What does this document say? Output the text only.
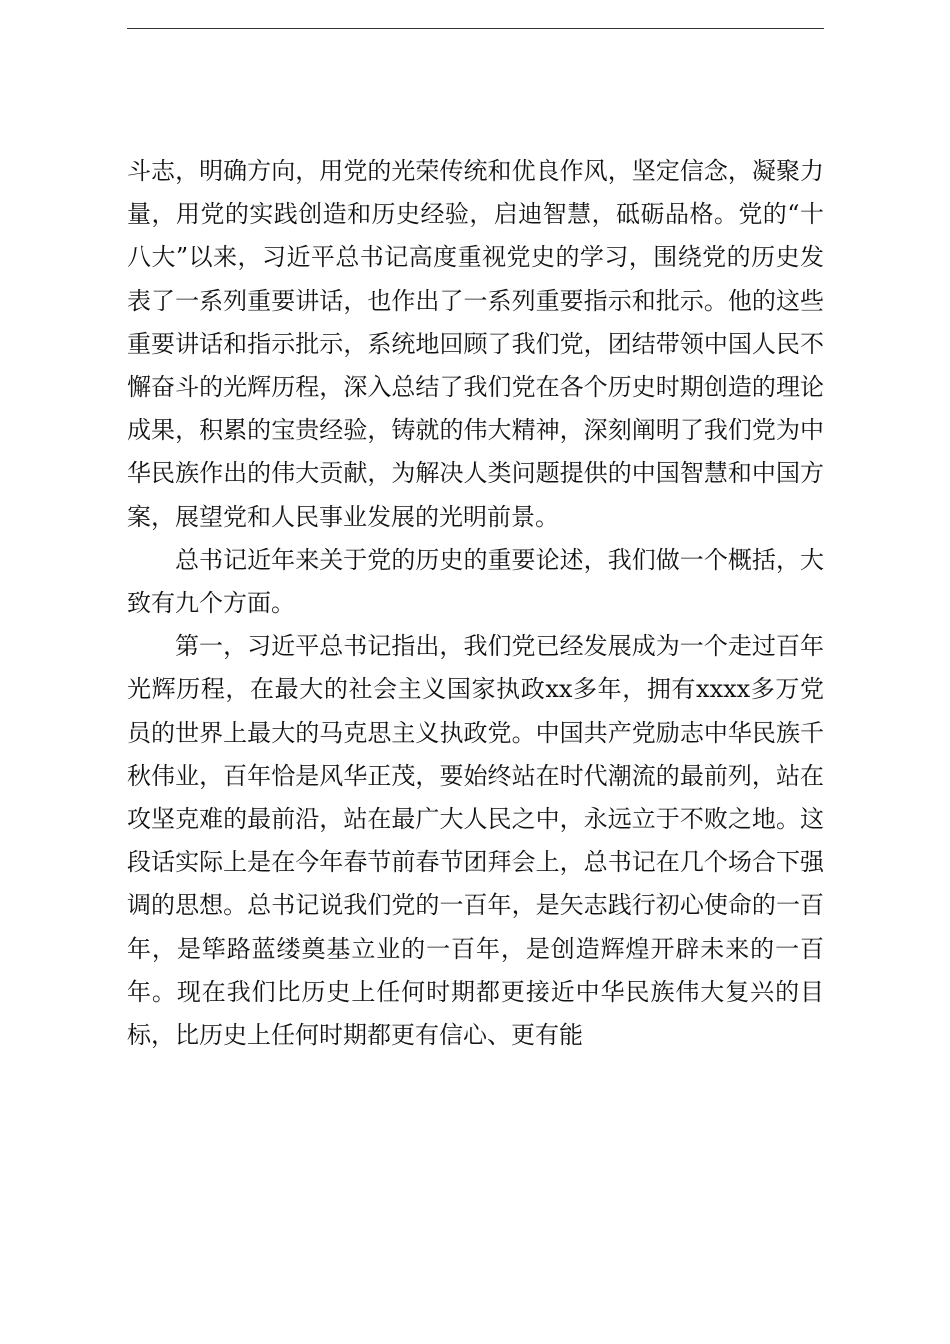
斗志，明确方向，用党的光荣传统和优良作风，坚定信念，凝聚力量，用党的实践创造和历史经验，启迪智慧，砥砺品格。党的“十八大”以来，习近平总书记高度重视党史的学习，围绕党的历史发表了一系列重要讲话，也作出了一系列重要指示和批示。他的这些重要讲话和指示批示，系统地回顾了我们党，团结带领中国人民不懈奋斗的光辉历程，深入总结了我们党在各个历史时期创造的理论成果，积累的宝贵经验，铸就的伟大精神，深刻阐明了我们党为中华民族作出的伟大贡献，为解决人类问题提供的中国智慧和中国方案，展望党和人民事业发展的光明前景。

总书记近年来关于党的历史的重要论述，我们做一个概括，大致有九个方面。

第一，习近平总书记指出，我们党已经发展成为一个走过百年光辉历程，在最大的社会主义国家执政xx多年，拥有xxxx多万党员的世界上最大的马克思主义执政党。中国共产党励志中华民族千秋伟业，百年恰是风华正茂，要始终站在时代潮流的最前列，站在攻坚克难的最前沿，站在最广大人民之中，永远立于不败之地。这段话实际上是在今年春节前春节团拜会上，总书记在几个场合下强调的思想。总书记说我们党的一百年，是矢志践行初心使命的一百年，是筚路蓝缕奠基立业的一百年，是创造辉煌开辟未来的一百年。现在我们比历史上任何时期都更接近中华民族伟大复兴的目标，比历史上任何时期都更有信心、更有能
